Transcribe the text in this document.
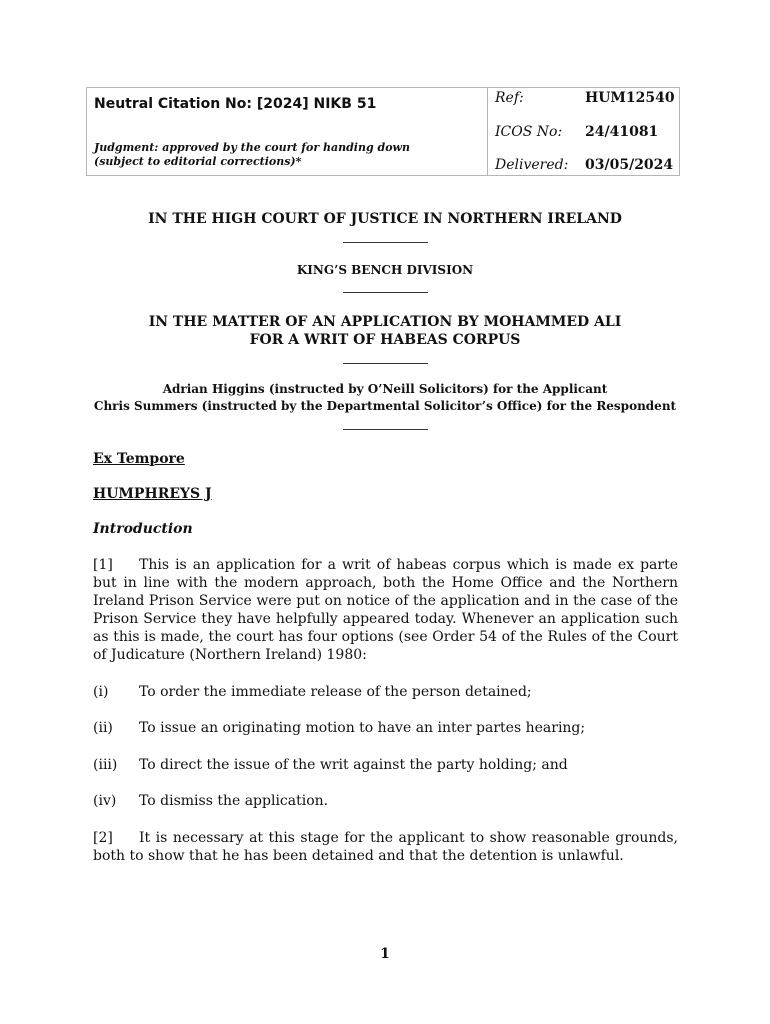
Neutral Citation No: [2024] NIKB 51
Judgment: approved by the court for handing down
(subject to editorial corrections)*
Ref:	HUM12540
ICOS No: 24/41081
Delivered: 03/05/2024
IN THE HIGH COURT OF JUSTICE IN NORTHERN IRELAND
KING’S BENCH DIVISION
IN THE MATTER OF AN APPLICATION BY MOHAMMED ALI
FOR A WRIT OF HABEAS CORPUS
Adrian Higgins (instructed by O’Neill Solicitors) for the Applicant
Chris Summers (instructed by the Departmental Solicitor’s Office) for the Respondent
Ex Tempore
HUMPHREYS J
Introduction
[1] This is an application for a writ of habeas corpus which is made ex parte but in line with the modern approach, both the Home Office and the Northern Ireland Prison Service were put on notice of the application and in the case of the Prison Service they have helpfully appeared today. Whenever an application such as this is made, the court has four options (see Order 54 of the Rules of the Court of Judicature (Northern Ireland) 1980:
(i) To order the immediate release of the person detained;
(ii) To issue an originating motion to have an inter partes hearing;
(iii) To direct the issue of the writ against the party holding; and
(iv) To dismiss the application.
[2] It is necessary at this stage for the applicant to show reasonable grounds, both to show that he has been detained and that the detention is unlawful.
1
